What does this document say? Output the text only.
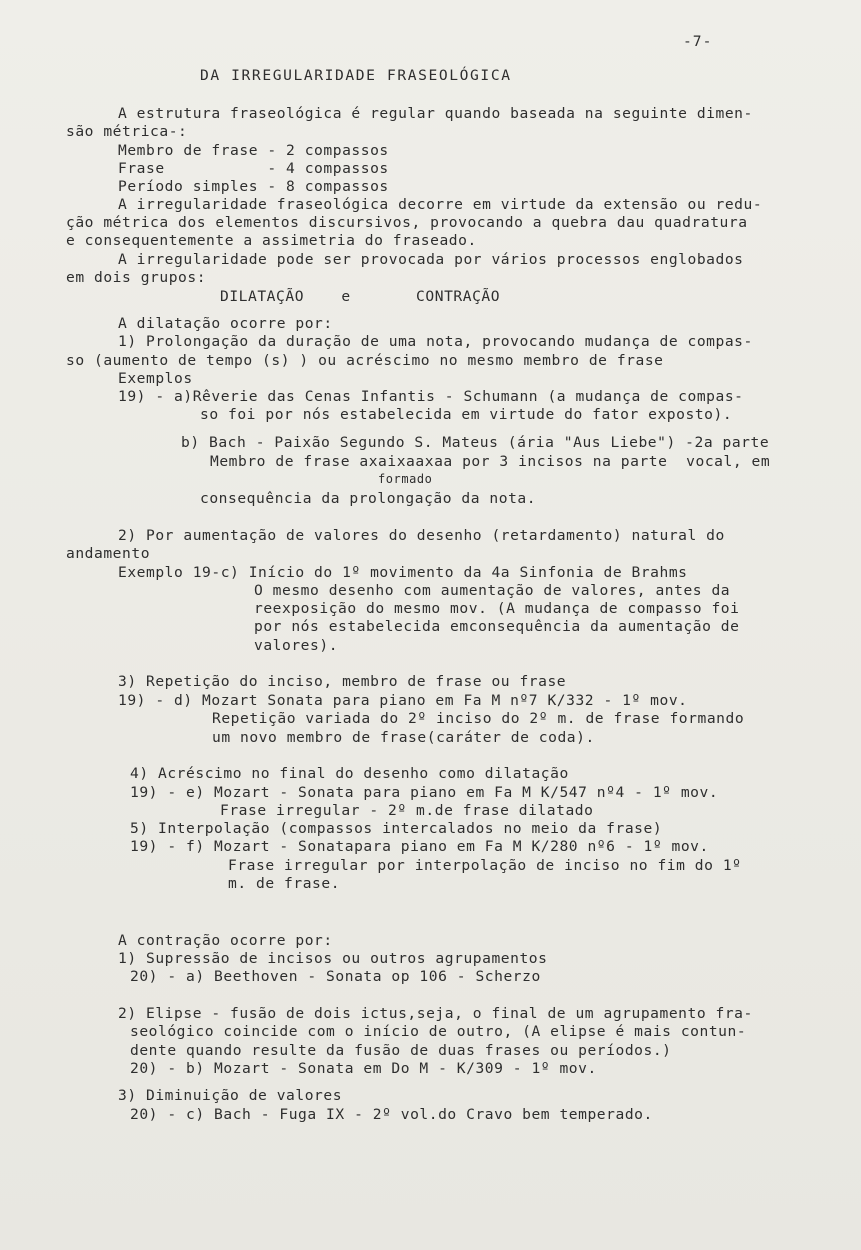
-7-
DA IRREGULARIDADE FRASEOLÓGICA
A estrutura fraseológica é regular quando baseada na seguinte dimen-
são métrica-:
Membro de frase - 2 compassos
Frase           - 4 compassos
Período simples - 8 compassos
A irregularidade fraseológica decorre em virtude da extensão ou redu-
ção métrica dos elementos discursivos, provocando a quebra dau quadratura
e consequentemente a assimetria do fraseado.
A irregularidade pode ser provocada por vários processos englobados
em dois grupos:
DILATAÇÃO    e       CONTRAÇÃO
A dilatação ocorre por:
1) Prolongação da duração de uma nota, provocando mudança de compas-
so (aumento de tempo (s) ) ou acréscimo no mesmo membro de frase
Exemplos
19) - a)Rêverie das Cenas Infantis - Schumann (a mudança de compas-
so foi por nós estabelecida em virtude do fator exposto).
b) Bach - Paixão Segundo S. Mateus (ária "Aus Liebe") -2a parte
Membro de frase axaixaaxaa por 3 incisos na parte  vocal, em
formado
consequência da prolongação da nota.
2) Por aumentação de valores do desenho (retardamento) natural do
andamento
Exemplo 19-c) Início do 1º movimento da 4a Sinfonia de Brahms
O mesmo desenho com aumentação de valores, antes da
reexposição do mesmo mov. (A mudança de compasso foi
por nós estabelecida emconsequência da aumentação de
valores).
3) Repetição do inciso, membro de frase ou frase
19) - d) Mozart Sonata para piano em Fa M nº7 K/332 - 1º mov.
Repetição variada do 2º inciso do 2º m. de frase formando
um novo membro de frase(caráter de coda).
4) Acréscimo no final do desenho como dilatação
19) - e) Mozart - Sonata para piano em Fa M K/547 nº4 - 1º mov.
Frase irregular - 2º m.de frase dilatado
5) Interpolação (compassos intercalados no meio da frase)
19) - f) Mozart - Sonatapara piano em Fa M K/280 nº6 - 1º mov.
Frase irregular por interpolação de inciso no fim do 1º
m. de frase.
A contração ocorre por:
1) Supressão de incisos ou outros agrupamentos
20) - a) Beethoven - Sonata op 106 - Scherzo
2) Elipse - fusão de dois ictus,seja, o final de um agrupamento fra-
seológico coincide com o início de outro, (A elipse é mais contun-
dente quando resulte da fusão de duas frases ou períodos.)
20) - b) Mozart - Sonata em Do M - K/309 - 1º mov.
3) Diminuição de valores
20) - c) Bach - Fuga IX - 2º vol.do Cravo bem temperado.
